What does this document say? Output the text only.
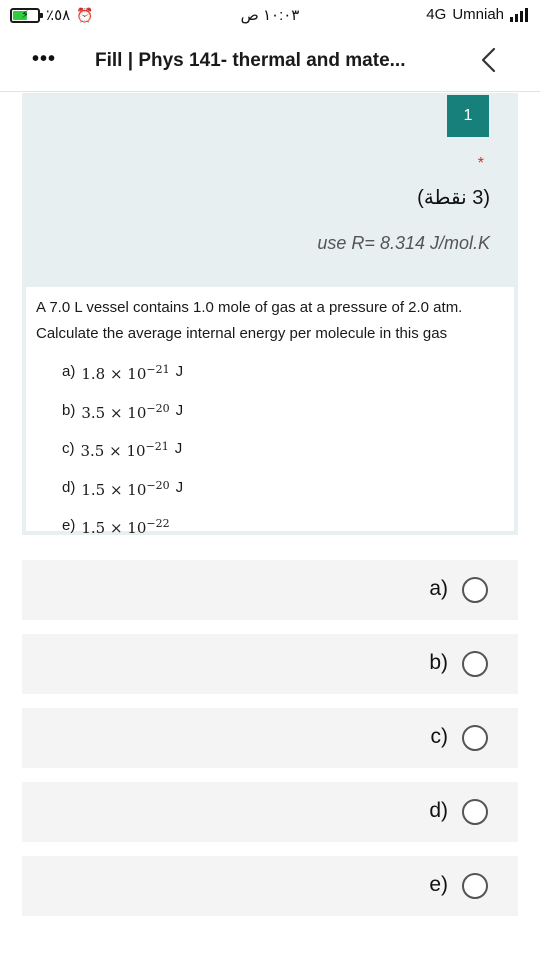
⚡ ٪٥٨ ⏰	١٠:٠٣ ص	4G Umniah
••• Fill | Phys 141- thermal and mate...
1
*
(3 نقطة)
use R= 8.314 J/mol.K
A 7.0 L vessel contains 1.0 mole of gas at a pressure of 2.0 atm.
Calculate the average internal energy per molecule in this gas
a) $1.8 \times 10^{-21}$ J
b) $3.5 \times 10^{-20}$ J
c) $3.5 \times 10^{-21}$ J
d) $1.5 \times 10^{-20}$ J
e) $1.5 \times 10^{-22}$
(a
(b
(c
(d
(e
